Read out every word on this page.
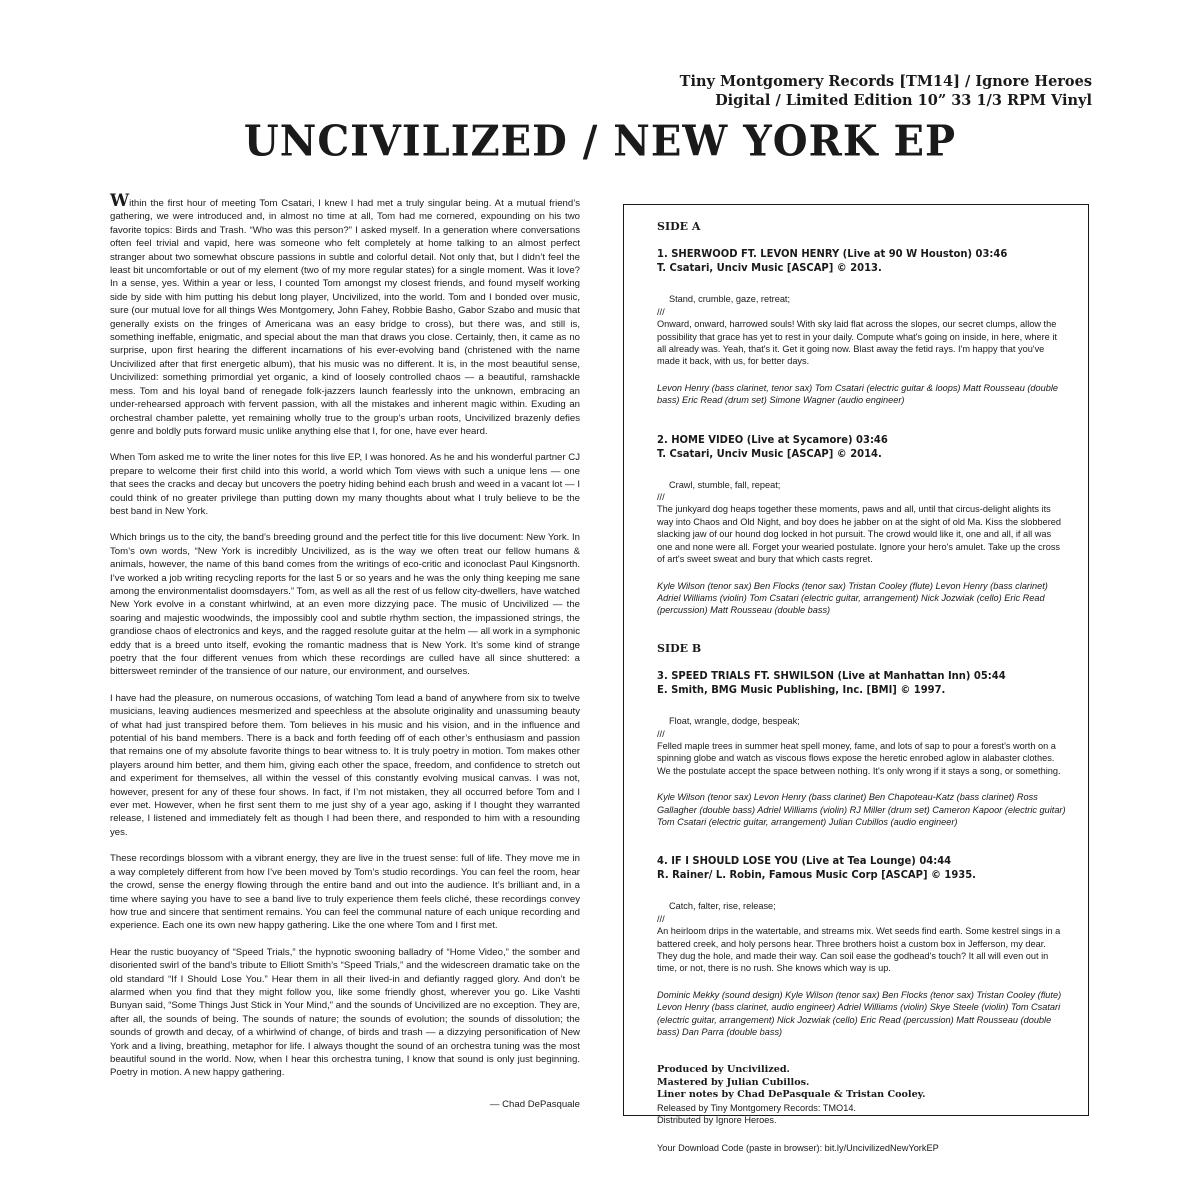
Tiny Montgomery Records [TM14] / Ignore Heroes
Digital / Limited Edition 10” 33 1/3 RPM Vinyl
UNCIVILIZED / NEW YORK EP

Within the first hour of meeting Tom Csatari, I knew I had met a truly singular being. At a mutual friend’s gathering, we were introduced and, in almost no time at all, Tom had me cornered, expounding on his two favorite topics: Birds and Trash. “Who was this person?” I asked myself. In a generation where conversations often feel trivial and vapid, here was someone who felt completely at home talking to an almost perfect stranger about two somewhat obscure passions in subtle and colorful detail. Not only that, but I didn’t feel the least bit uncomfortable or out of my element (two of my more regular states) for a single moment. Was it love? In a sense, yes. Within a year or less, I counted Tom amongst my closest friends, and found myself working side by side with him putting his debut long player, Uncivilized, into the world. Tom and I bonded over music, sure (our mutual love for all things Wes Montgomery, John Fahey, Robbie Basho, Gabor Szabo and music that generally exists on the fringes of Americana was an easy bridge to cross), but there was, and still is, something ineffable, enigmatic, and special about the man that draws you close. Certainly, then, it came as no surprise, upon first hearing the different incarnations of his ever-evolving band (christened with the name Uncivilized after that first energetic album), that his music was no different. It is, in the most beautiful sense, Uncivilized: something primordial yet organic, a kind of loosely controlled chaos — a beautiful, ramshackle mess. Tom and his loyal band of renegade folk-jazzers launch fearlessly into the unknown, embracing an under-rehearsed approach with fervent passion, with all the mistakes and inherent magic within. Exuding an orchestral chamber palette, yet remaining wholly true to the group’s urban roots, Uncivilized brazenly defies genre and boldly puts forward music unlike anything else that I, for one, have ever heard.

When Tom asked me to write the liner notes for this live EP, I was honored. As he and his wonderful partner CJ prepare to welcome their first child into this world, a world which Tom views with such a unique lens — one that sees the cracks and decay but uncovers the poetry hiding behind each brush and weed in a vacant lot — I could think of no greater privilege than putting down my many thoughts about what I truly believe to be the best band in New York.

Which brings us to the city, the band’s breeding ground and the perfect title for this live document: New York. In Tom’s own words, “New York is incredibly Uncivilized, as is the way we often treat our fellow humans & animals, however, the name of this band comes from the writings of eco-critic and iconoclast Paul Kingsnorth. I’ve worked a job writing recycling reports for the last 5 or so years and he was the only thing keeping me sane among the environmentalist doomsdayers.” Tom, as well as all the rest of us fellow city-dwellers, have watched New York evolve in a constant whirlwind, at an even more dizzying pace. The music of Uncivilized — the soaring and majestic woodwinds, the impossibly cool and subtle rhythm section, the impassioned strings, the grandiose chaos of electronics and keys, and the ragged resolute guitar at the helm — all work in a symphonic eddy that is a breed unto itself, evoking the romantic madness that is New York. It’s some kind of strange poetry that the four different venues from which these recordings are culled have all since shuttered: a bittersweet reminder of the transience of our nature, our environment, and ourselves.

I have had the pleasure, on numerous occasions, of watching Tom lead a band of anywhere from six to twelve musicians, leaving audiences mesmerized and speechless at the absolute originality and unassuming beauty of what had just transpired before them. Tom believes in his music and his vision, and in the influence and potential of his band members. There is a back and forth feeding off of each other’s enthusiasm and passion that remains one of my absolute favorite things to bear witness to. It is truly poetry in motion. Tom makes other players around him better, and them him, giving each other the space, freedom, and confidence to stretch out and experiment for themselves, all within the vessel of this constantly evolving musical canvas. I was not, however, present for any of these four shows. In fact, if I’m not mistaken, they all occurred before Tom and I ever met. However, when he first sent them to me just shy of a year ago, asking if I thought they warranted release, I listened and immediately felt as though I had been there, and responded to him with a resounding yes.

These recordings blossom with a vibrant energy, they are live in the truest sense: full of life. They move me in a way completely different from how I’ve been moved by Tom’s studio recordings. You can feel the room, hear the crowd, sense the energy flowing through the entire band and out into the audience. It’s brilliant and, in a time where saying you have to see a band live to truly experience them feels cliché, these recordings convey how true and sincere that sentiment remains. You can feel the communal nature of each unique recording and experience. Each one its own new happy gathering. Like the one where Tom and I first met.

Hear the rustic buoyancy of “Speed Trials,” the hypnotic swooning balladry of “Home Video,” the somber and disoriented swirl of the band’s tribute to Elliott Smith’s “Speed Trials,” and the widescreen dramatic take on the old standard “If I Should Lose You.” Hear them in all their lived-in and defiantly ragged glory. And don’t be alarmed when you find that they might follow you, like some friendly ghost, wherever you go. Like Vashti Bunyan said, “Some Things Just Stick in Your Mind,” and the sounds of Uncivilized are no exception. They are, after all, the sounds of being. The sounds of nature; the sounds of evolution; the sounds of dissolution; the sounds of growth and decay, of a whirlwind of change, of birds and trash — a dizzying personification of New York and a living, breathing, metaphor for life. I always thought the sound of an orchestra tuning was the most beautiful sound in the world. Now, when I hear this orchestra tuning, I know that sound is only just beginning. Poetry in motion. A new happy gathering.

— Chad DePasquale
SIDE A
1. SHERWOOD FT. LEVON HENRY (Live at 90 W Houston) 03:46
T. Csatari, Unciv Music [ASCAP] © 2013.
Stand, crumble, gaze, retreat;
///
Onward, onward, harrowed souls! With sky laid flat across the slopes, our secret clumps, allow the possibility that grace has yet to rest in your daily. Compute what's going on inside, in here, where it all already was. Yeah, that's it. Get it going now. Blast away the fetid rays. I'm happy that you've made it back, with us, for better days.
Levon Henry (bass clarinet, tenor sax) Tom Csatari (electric guitar & loops) Matt Rousseau (double bass) Eric Read (drum set) Simone Wagner (audio engineer)
2. HOME VIDEO (Live at Sycamore) 03:46
T. Csatari, Unciv Music [ASCAP] © 2014.
Crawl, stumble, fall, repeat;
///
The junkyard dog heaps together these moments, paws and all, until that circus-delight alights its way into Chaos and Old Night, and boy does he jabber on at the sight of old Ma. Kiss the slobbered slacking jaw of our hound dog locked in hot pursuit. The crowd would like it, one and all, if all was one and none were all. Forget your wearied postulate. Ignore your hero's amulet. Take up the cross of art's sweet sweat and bury that which casts regret.
Kyle Wilson (tenor sax) Ben Flocks (tenor sax) Tristan Cooley (flute) Levon Henry (bass clarinet) Adriel Williams (violin) Tom Csatari (electric guitar, arrangement) Nick Jozwiak (cello) Eric Read (percussion) Matt Rousseau (double bass)
SIDE B
3. SPEED TRIALS FT. SHWILSON (Live at Manhattan Inn) 05:44
E. Smith, BMG Music Publishing, Inc. [BMI] © 1997.
Float, wrangle, dodge, bespeak;
///
Felled maple trees in summer heat spell money, fame, and lots of sap to pour a forest's worth on a spinning globe and watch as viscous flows expose the heretic enrobed aglow in alabaster clothes. We the postulate accept the space between nothing. It's only wrong if it stays a song, or something.
Kyle Wilson (tenor sax) Levon Henry (bass clarinet) Ben Chapoteau-Katz (bass clarinet) Ross Gallagher (double bass) Adriel Williams (violin) RJ Miller (drum set) Cameron Kapoor (electric guitar) Tom Csatari (electric guitar, arrangement) Julian Cubillos (audio engineer)
4. IF I SHOULD LOSE YOU (Live at Tea Lounge) 04:44
R. Rainer/ L. Robin, Famous Music Corp [ASCAP] © 1935.
Catch, falter, rise, release;
///
An heirloom drips in the watertable, and streams mix. Wet seeds find earth. Some kestrel sings in a battered creek, and holy persons hear. Three brothers hoist a custom box in Jefferson, my dear. They dug the hole, and made their way. Can soil ease the godhead's touch? It all will even out in time, or not, there is no rush. She knows which way is up.
Dominic Mekky (sound design) Kyle Wilson (tenor sax) Ben Flocks (tenor sax) Tristan Cooley (flute) Levon Henry (bass clarinet, audio engineer) Adriel Williams (violin) Skye Steele (violin) Tom Csatari (electric guitar, arrangement) Nick Jozwiak (cello) Eric Read (percussion) Matt Rousseau (double bass) Dan Parra (double bass)
Produced by Uncivilized.
Mastered by Julian Cubillos.
Liner notes by Chad DePasquale & Tristan Cooley.
Released by Tiny Montgomery Records: TMO14.
Distributed by Ignore Heroes.
Your Download Code (paste in browser): bit.ly/UncivilizedNewYorkEP
